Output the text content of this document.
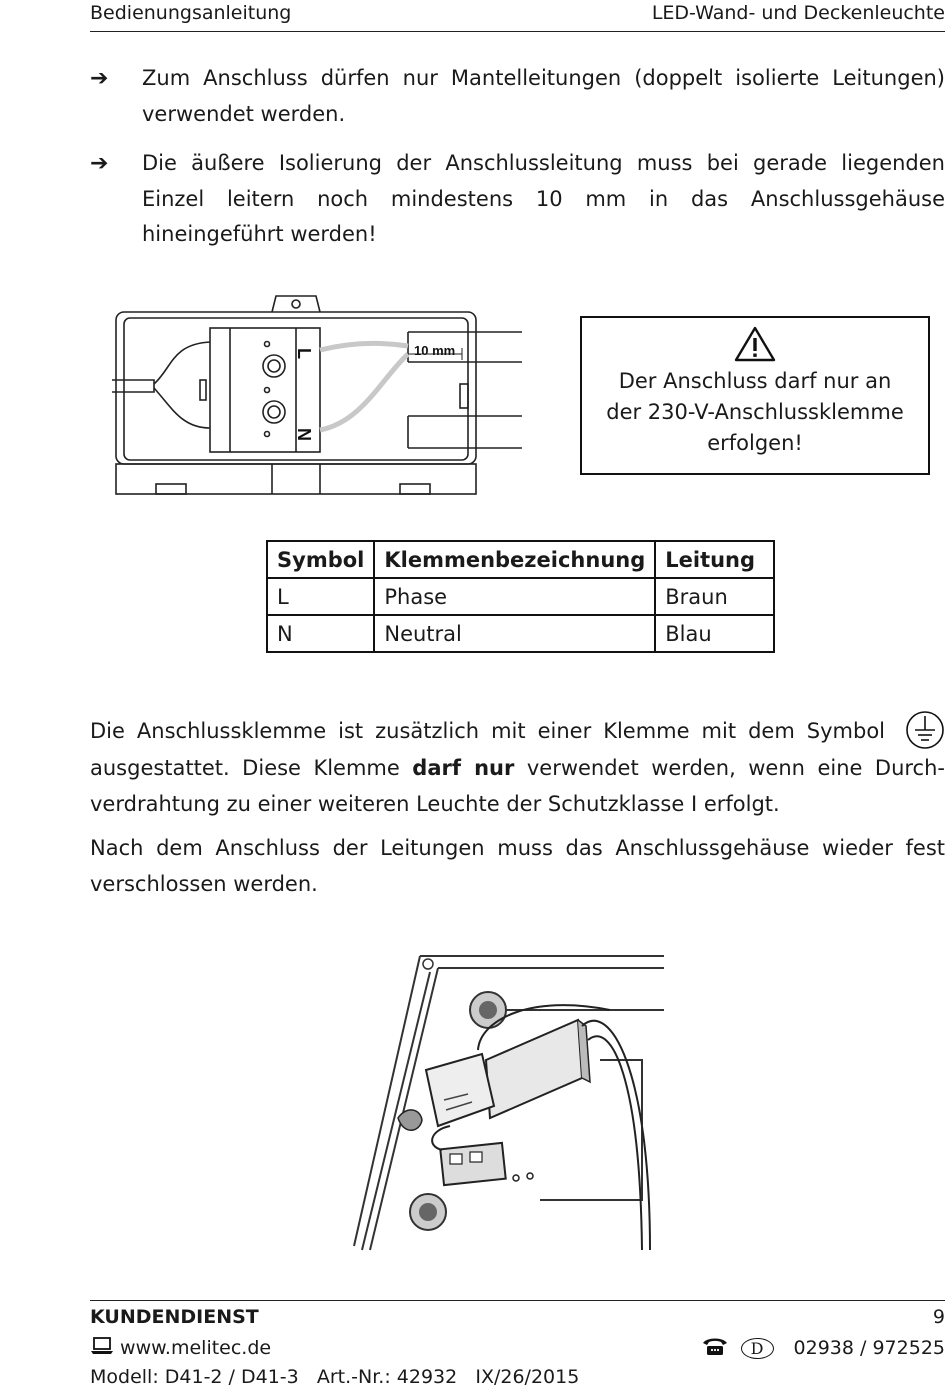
Bedienungsanleitung	LED-Wand- und Deckenleuchte
➔ Zum Anschluss dürfen nur Mantelleitungen (doppelt isolierte Leitungen) verwendet werden.
➔ Die äußere Isolierung der Anschlussleitung muss bei gerade liegenden Einzel leitern noch mindestens 10 mm in das Anschlussgehäuse hineingeführt werden!
10 mm
L
N
Der Anschluss darf nur an
der 230-V-Anschlussklemme
erfolgen!
Symbol	Klemmenbezeichnung	Leitung
L	Phase	Braun
N	Neutral	Blau
Die Anschlussklemme ist zusätzlich mit einer Klemme mit dem Symbol  ausgestattet. Diese Klemme darf nur verwendet werden, wenn eine Durch-verdrahtung zu einer weiteren Leuchte der Schutzklasse I erfolgt.
Nach dem Anschluss der Leitungen muss das Anschlussgehäuse wieder fest verschlossen werden.
KUNDENDIENST	9
www.melitec.de	D 02938 / 972525
Modell: D41-2 / D41-3   Art.-Nr.: 42932   IX/26/2015
